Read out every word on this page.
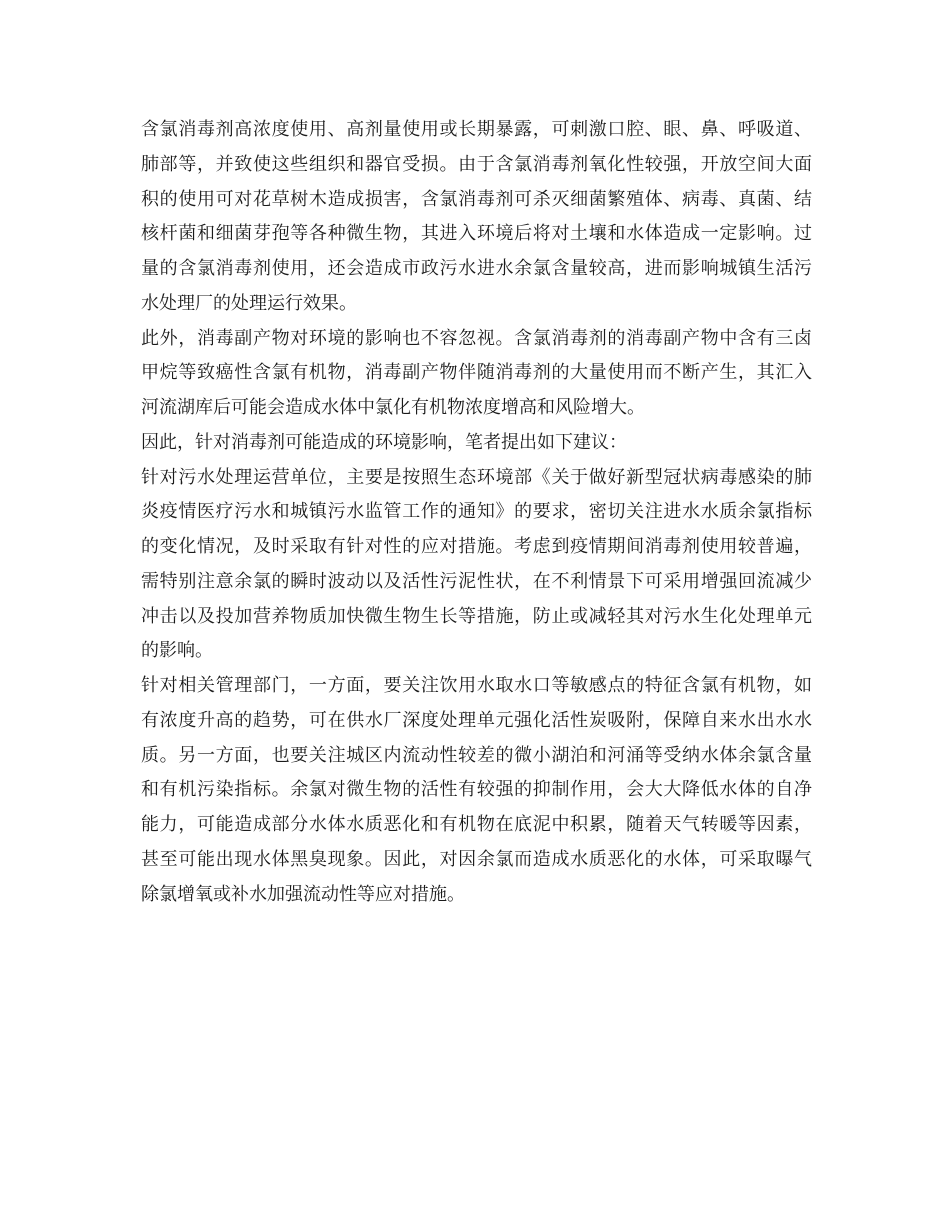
含氯消毒剂高浓度使用、高剂量使用或长期暴露，可刺激口腔、眼、鼻、呼吸道、
肺部等，并致使这些组织和器官受损。由于含氯消毒剂氧化性较强，开放空间大面
积的使用可对花草树木造成损害，含氯消毒剂可杀灭细菌繁殖体、病毒、真菌、结
核杆菌和细菌芽孢等各种微生物，其进入环境后将对土壤和水体造成一定影响。过
量的含氯消毒剂使用，还会造成市政污水进水余氯含量较高，进而影响城镇生活污
水处理厂的处理运行效果。
此外，消毒副产物对环境的影响也不容忽视。含氯消毒剂的消毒副产物中含有三卤
甲烷等致癌性含氯有机物，消毒副产物伴随消毒剂的大量使用而不断产生，其汇入
河流湖库后可能会造成水体中氯化有机物浓度增高和风险增大。
因此，针对消毒剂可能造成的环境影响，笔者提出如下建议：
针对污水处理运营单位，主要是按照生态环境部《关于做好新型冠状病毒感染的肺
炎疫情医疗污水和城镇污水监管工作的通知》的要求，密切关注进水水质余氯指标
的变化情况，及时采取有针对性的应对措施。考虑到疫情期间消毒剂使用较普遍，
需特别注意余氯的瞬时波动以及活性污泥性状，在不利情景下可采用增强回流减少
冲击以及投加营养物质加快微生物生长等措施，防止或减轻其对污水生化处理单元
的影响。
针对相关管理部门，一方面，要关注饮用水取水口等敏感点的特征含氯有机物，如
有浓度升高的趋势，可在供水厂深度处理单元强化活性炭吸附，保障自来水出水水
质。另一方面，也要关注城区内流动性较差的微小湖泊和河涌等受纳水体余氯含量
和有机污染指标。余氯对微生物的活性有较强的抑制作用，会大大降低水体的自净
能力，可能造成部分水体水质恶化和有机物在底泥中积累，随着天气转暖等因素，
甚至可能出现水体黑臭现象。因此，对因余氯而造成水质恶化的水体，可采取曝气
除氯增氧或补水加强流动性等应对措施。
